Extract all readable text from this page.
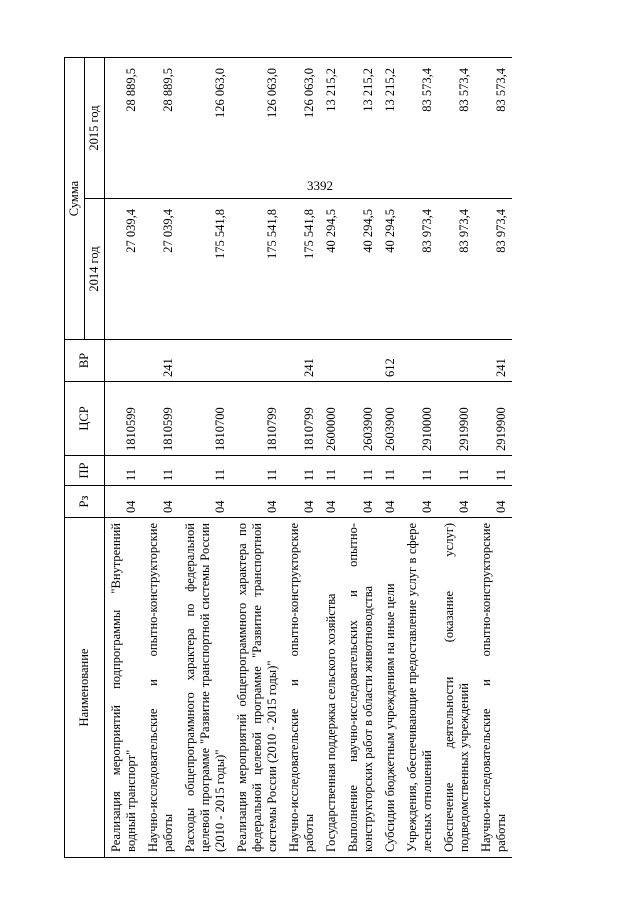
3392
Наименование	Рз	ПР	ЦСР	ВР	Сумма	
					2014 год	2015 год
Реализация мероприятий подпрограммы "Внутренний водный транспорт"	04	11	1810599		27 039,4	28 889,5
Научно-исследовательские и опытно-конструкторские работы	04	11	1810599	241	27 039,4	28 889,5
Расходы общепрограммного характера по федеральной целевой программе "Развитие транспортной системы России (2010 - 2015 годы)"	04	11	1810700		175 541,8	126 063,0
Реализация мероприятий общепрограммного характера по федеральной целевой программе "Развитие транспортной системы России (2010 - 2015 годы)"	04	11	1810799		175 541,8	126 063,0
Научно-исследовательские и опытно-конструкторские работы	04	11	1810799	241	175 541,8	126 063,0
Государственная поддержка сельского хозяйства	04	11	2600000		40 294,5	13 215,2
Выполнение научно-исследовательских и опытно-конструкторских работ в области животноводства	04	11	2603900		40 294,5	13 215,2
Субсидии бюджетным учреждениям на иные цели	04	11	2603900	612	40 294,5	13 215,2
Учреждения, обеспечивающие предоставление услуг в сфере лесных отношений	04	11	2910000		83 973,4	83 573,4
Обеспечение деятельности (оказание услуг) подведомственных учреждений	04	11	2919900		83 973,4	83 573,4
Научно-исследовательские и опытно-конструкторские работы	04	11	2919900	241	83 973,4	83 573,4
